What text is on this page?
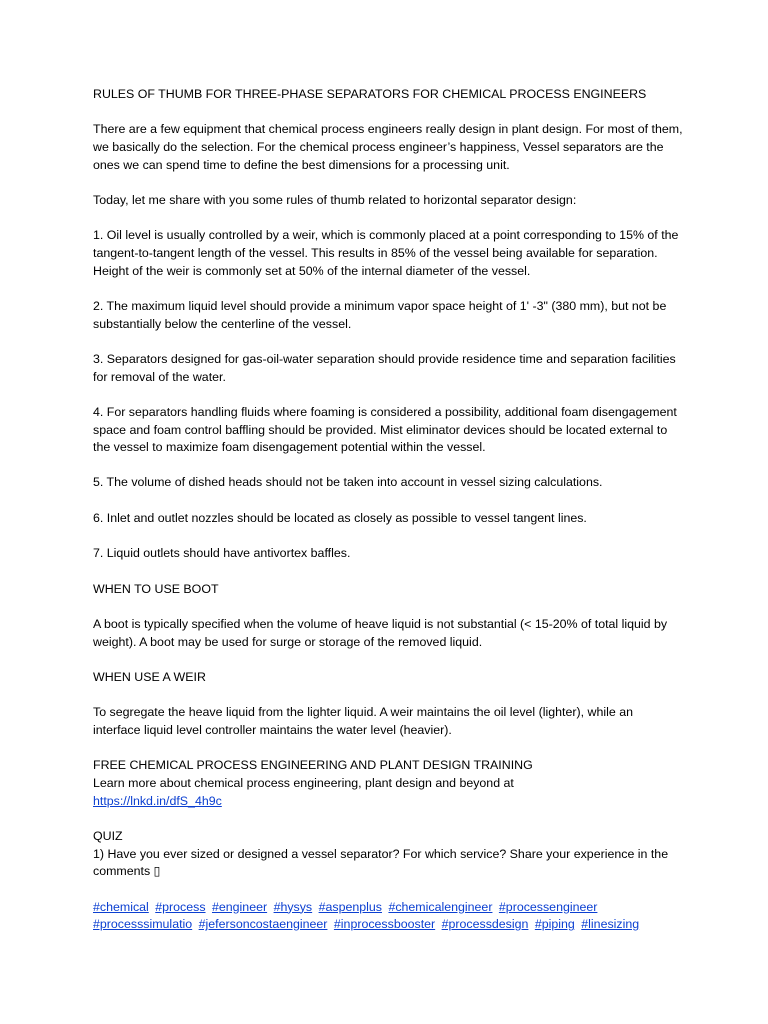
RULES OF THUMB FOR THREE-PHASE SEPARATORS FOR CHEMICAL PROCESS ENGINEERS

There are a few equipment that chemical process engineers really design in plant design. For most of them, we basically do the selection. For the chemical process engineer’s happiness, Vessel separators are the ones we can spend time to define the best dimensions for a processing unit.

Today, let me share with you some rules of thumb related to horizontal separator design:

1. Oil level is usually controlled by a weir, which is commonly placed at a point corresponding to 15% of the tangent-to-tangent length of the vessel. This results in 85% of the vessel being available for separation. Height of the weir is commonly set at 50% of the internal diameter of the vessel.

2. The maximum liquid level should provide a minimum vapor space height of 1' -3" (380 mm), but not be substantially below the centerline of the vessel.

3. Separators designed for gas-oil-water separation should provide residence time and separation facilities for removal of the water.

4. For separators handling fluids where foaming is considered a possibility, additional foam disengagement space and foam control baffling should be provided. Mist eliminator devices should be located external to the vessel to maximize foam disengagement potential within the vessel.

5. The volume of dished heads should not be taken into account in vessel sizing calculations.

6. Inlet and outlet nozzles should be located as closely as possible to vessel tangent lines.

7. Liquid outlets should have antivortex baffles.

WHEN TO USE BOOT

A boot is typically specified when the volume of heave liquid is not substantial (< 15-20% of total liquid by weight). A boot may be used for surge or storage of the removed liquid.

WHEN USE A WEIR

To segregate the heave liquid from the lighter liquid. A weir maintains the oil level (lighter), while an interface liquid level controller maintains the water level (heavier).

FREE CHEMICAL PROCESS ENGINEERING AND PLANT DESIGN TRAINING
Learn more about chemical process engineering, plant design and beyond at
https://lnkd.in/dfS_4h9c
QUIZ
1) Have you ever sized or designed a vessel separator? For which service? Share your experience in the comments ▯
#chemical #process #engineer #hysys #aspenplus #chemicalengineer #processengineer #processsimulatio #jefersoncostaengineer #inprocessbooster #processdesign #piping #linesizing
